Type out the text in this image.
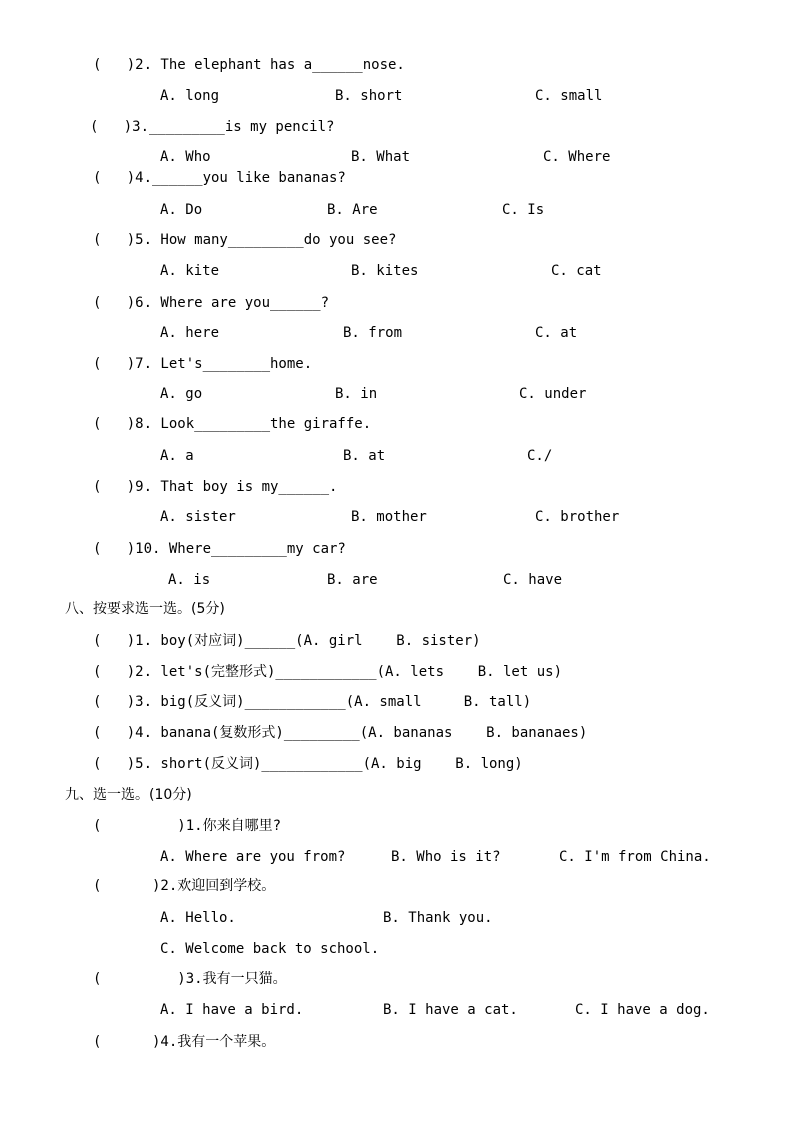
(   )2. The elephant has a______nose.
A. long	B. short	C. small
(   )3._________is my pencil?
A. Who	B. What	C. Where
(   )4.______you like bananas?
A. Do	B. Are	C. Is
(   )5. How many_________do you see?
A. kite	B. kites	C. cat
(   )6. Where are you______?
A. here	B. from	C. at
(   )7. Let's________home.
A. go	B. in	C. under
(   )8. Look_________the giraffe.
A. a	B. at	C./
(   )9. That boy is my______.
A. sister	B. mother	C. brother
(   )10. Where_________my car?
A. is	B. are	C. have
八、按要求选一选。(5分)
(   )1. boy(对应词)______(A. girl    B. sister)
(   )2. let's(完整形式)____________(A. lets    B. let us)
(   )3. big(反义词)____________(A. small     B. tall)
(   )4. banana(复数形式)_________(A. bananas    B. bananaes)
(   )5. short(反义词)____________(A. big    B. long)
九、选一选。(10分)
(         )1.你来自哪里?
A. Where are you from?	B. Who is it?	C. I'm from China.
(      )2.欢迎回到学校。
A. Hello.	B. Thank you.
C. Welcome back to school.
(         )3.我有一只猫。
A. I have a bird.	B. I have a cat.	C. I have a dog.
(      )4.我有一个苹果。
